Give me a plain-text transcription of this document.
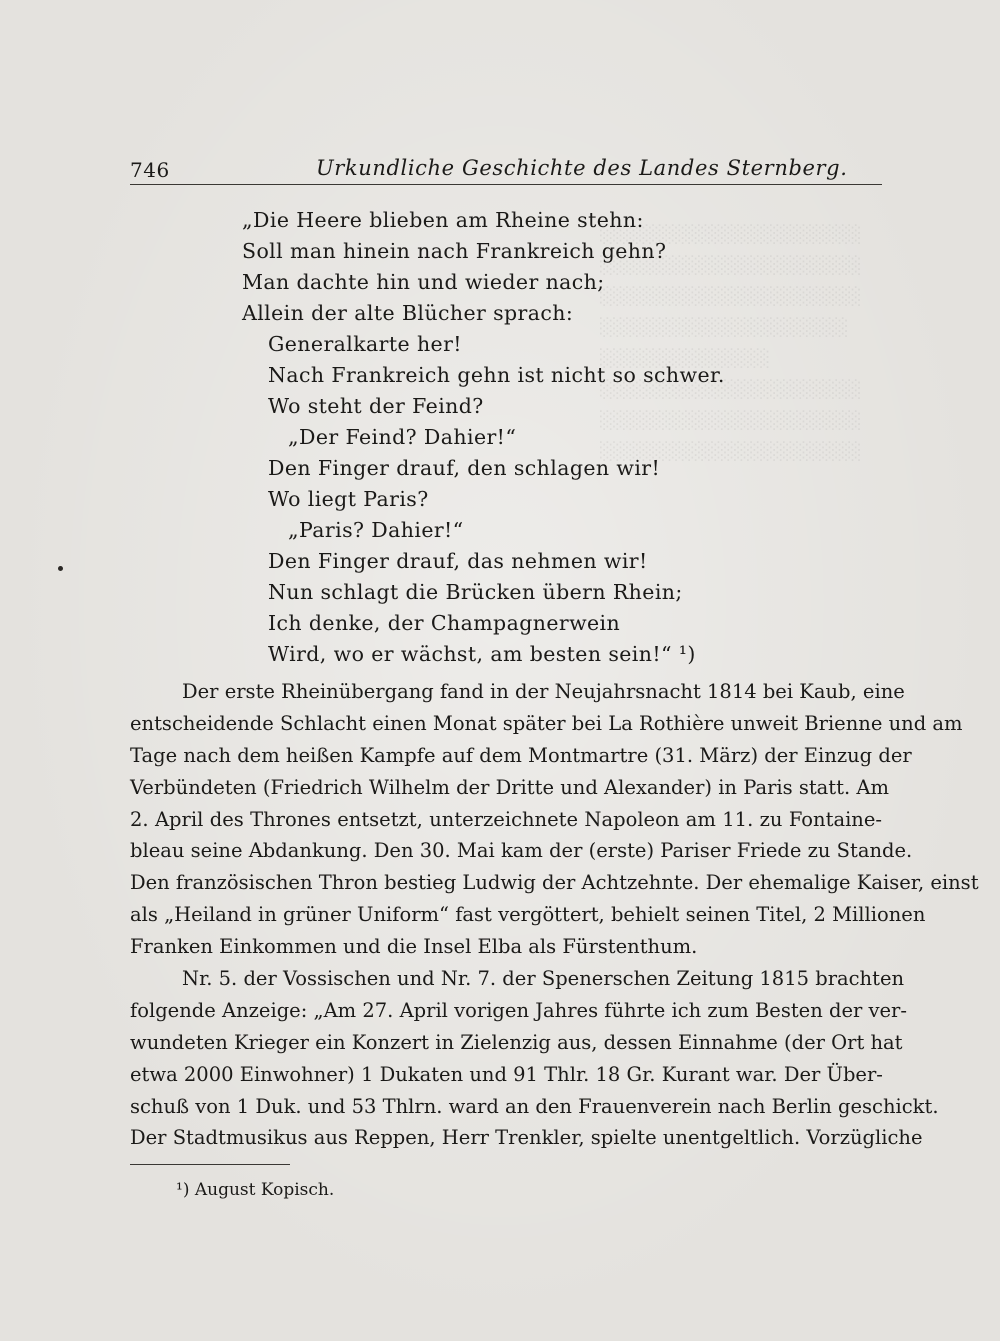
░░░░░░░░░░░░░░░░░░░░
░░░░░░░░░░░░░░░░░░░░
░░░░░░░░░░░░░░░░░░░░
░░░░░░░░░░░░░░░░░░░
░░░░░░░░░░░░░
░░░░░░░░░░░░░░░░░░░░
░░░░░░░░░░░░░░░░░░░░
░░░░░░░░░░░░░░░░░░░░
746	Urkundliche Geschichte des Landes Sternberg.
„Die Heere blieben am Rheine stehn:
Soll man hinein nach Frankreich gehn?
Man dachte hin und wieder nach;
Allein der alte Blücher sprach:
Generalkarte her!
Nach Frankreich gehn ist nicht so schwer.
Wo steht der Feind?
„Der Feind? Dahier!“
Den Finger drauf, den schlagen wir!
Wo liegt Paris?
„Paris? Dahier!“
Den Finger drauf, das nehmen wir!
Nun schlagt die Brücken übern Rhein;
Ich denke, der Champagnerwein
Wird, wo er wächst, am besten sein!“ ¹)
Der erste Rheinübergang fand in der Neujahrsnacht 1814 bei Kaub, eine
entscheidende Schlacht einen Monat später bei La Rothière unweit Brienne und am
Tage nach dem heißen Kampfe auf dem Montmartre (31. März) der Einzug der
Verbündeten (Friedrich Wilhelm der Dritte und Alexander) in Paris statt. Am
2. April des Thrones entsetzt, unterzeichnete Napoleon am 11. zu Fontaine-
bleau seine Abdankung. Den 30. Mai kam der (erste) Pariser Friede zu Stande.
Den französischen Thron bestieg Ludwig der Achtzehnte. Der ehemalige Kaiser, einst
als „Heiland in grüner Uniform“ fast vergöttert, behielt seinen Titel, 2 Millionen
Franken Einkommen und die Insel Elba als Fürstenthum.
Nr. 5. der Vossischen und Nr. 7. der Spenerschen Zeitung 1815 brachten
folgende Anzeige: „Am 27. April vorigen Jahres führte ich zum Besten der ver-
wundeten Krieger ein Konzert in Zielenzig aus, dessen Einnahme (der Ort hat
etwa 2000 Einwohner) 1 Dukaten und 91 Thlr. 18 Gr. Kurant war. Der Über-
schuß von 1 Duk. und 53 Thlrn. ward an den Frauenverein nach Berlin geschickt.
Der Stadtmusikus aus Reppen, Herr Trenkler, spielte unentgeltlich. Vorzügliche
¹) August Kopisch.
